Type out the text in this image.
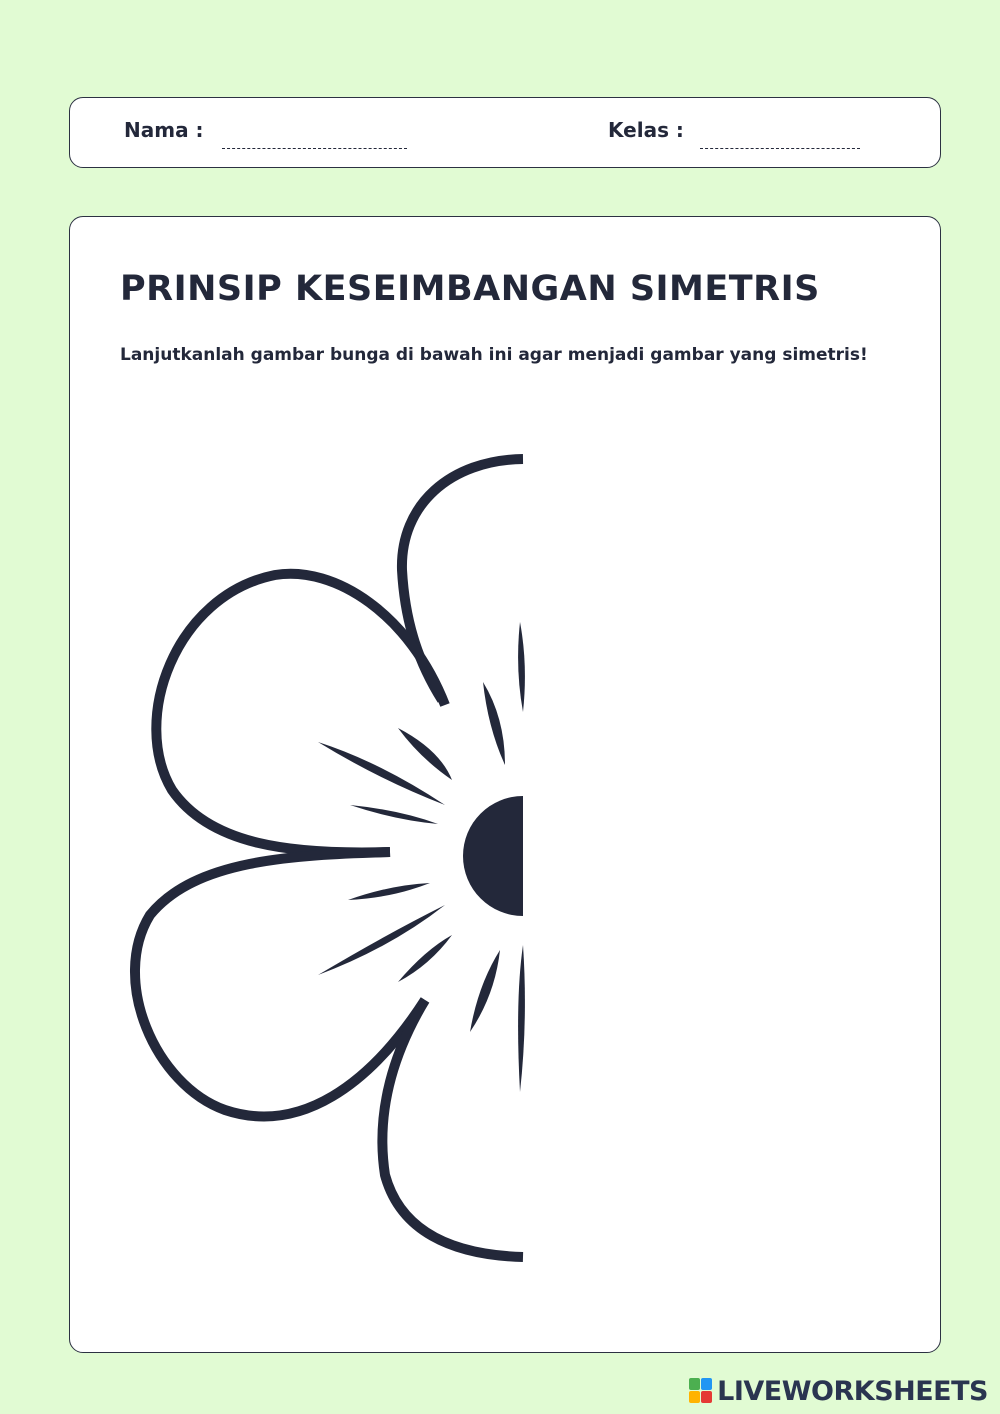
Nama :	Kelas :
PRINSIP KESEIMBANGAN SIMETRIS

Lanjutkanlah gambar bunga di bawah ini agar menjadi gambar yang simetris!

LIVEWORKSHEETS
